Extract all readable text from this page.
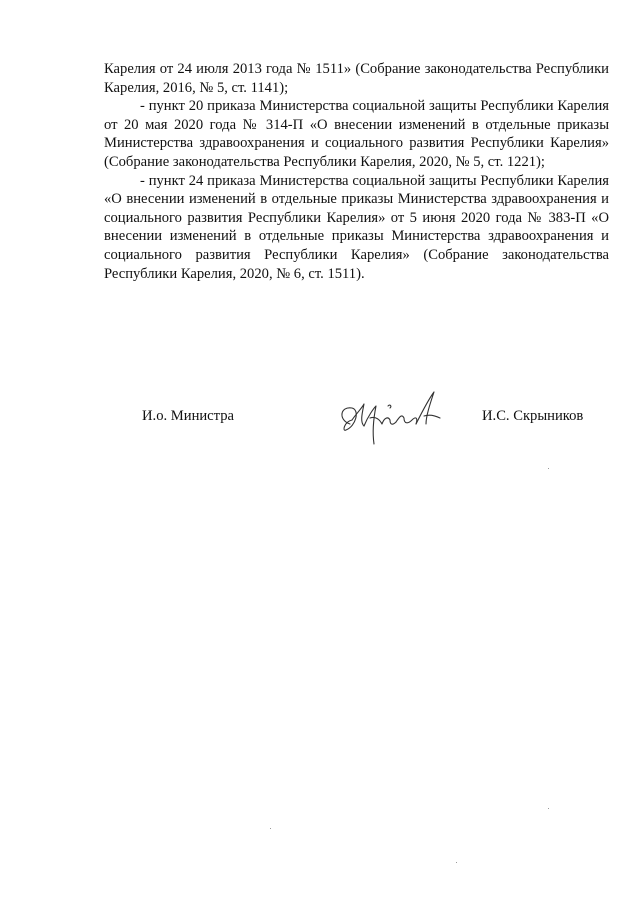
Карелия от 24 июля 2013 года № 1511» (Собрание законодательства Республики Карелия, 2016, № 5, ст. 1141);

- пункт 20 приказа Министерства социальной защиты Республики Карелия от 20 мая 2020 года № 314-П «О внесении изменений в отдельные приказы Министерства здравоохранения и социального развития Республики Карелия» (Собрание законодательства Республики Карелия, 2020, № 5, ст. 1221);

- пункт 24 приказа Министерства социальной защиты Республики Карелия «О внесении изменений в отдельные приказы Министерства здравоохранения и социального развития Республики Карелия» от 5 июня 2020 года № 383-П «О внесении изменений в отдельные приказы Министерства здравоохранения и социального развития Республики Карелия» (Собрание законодательства Республики Карелия, 2020, № 6, ст. 1511).

И.о. Министра	И.С. Скрыников
